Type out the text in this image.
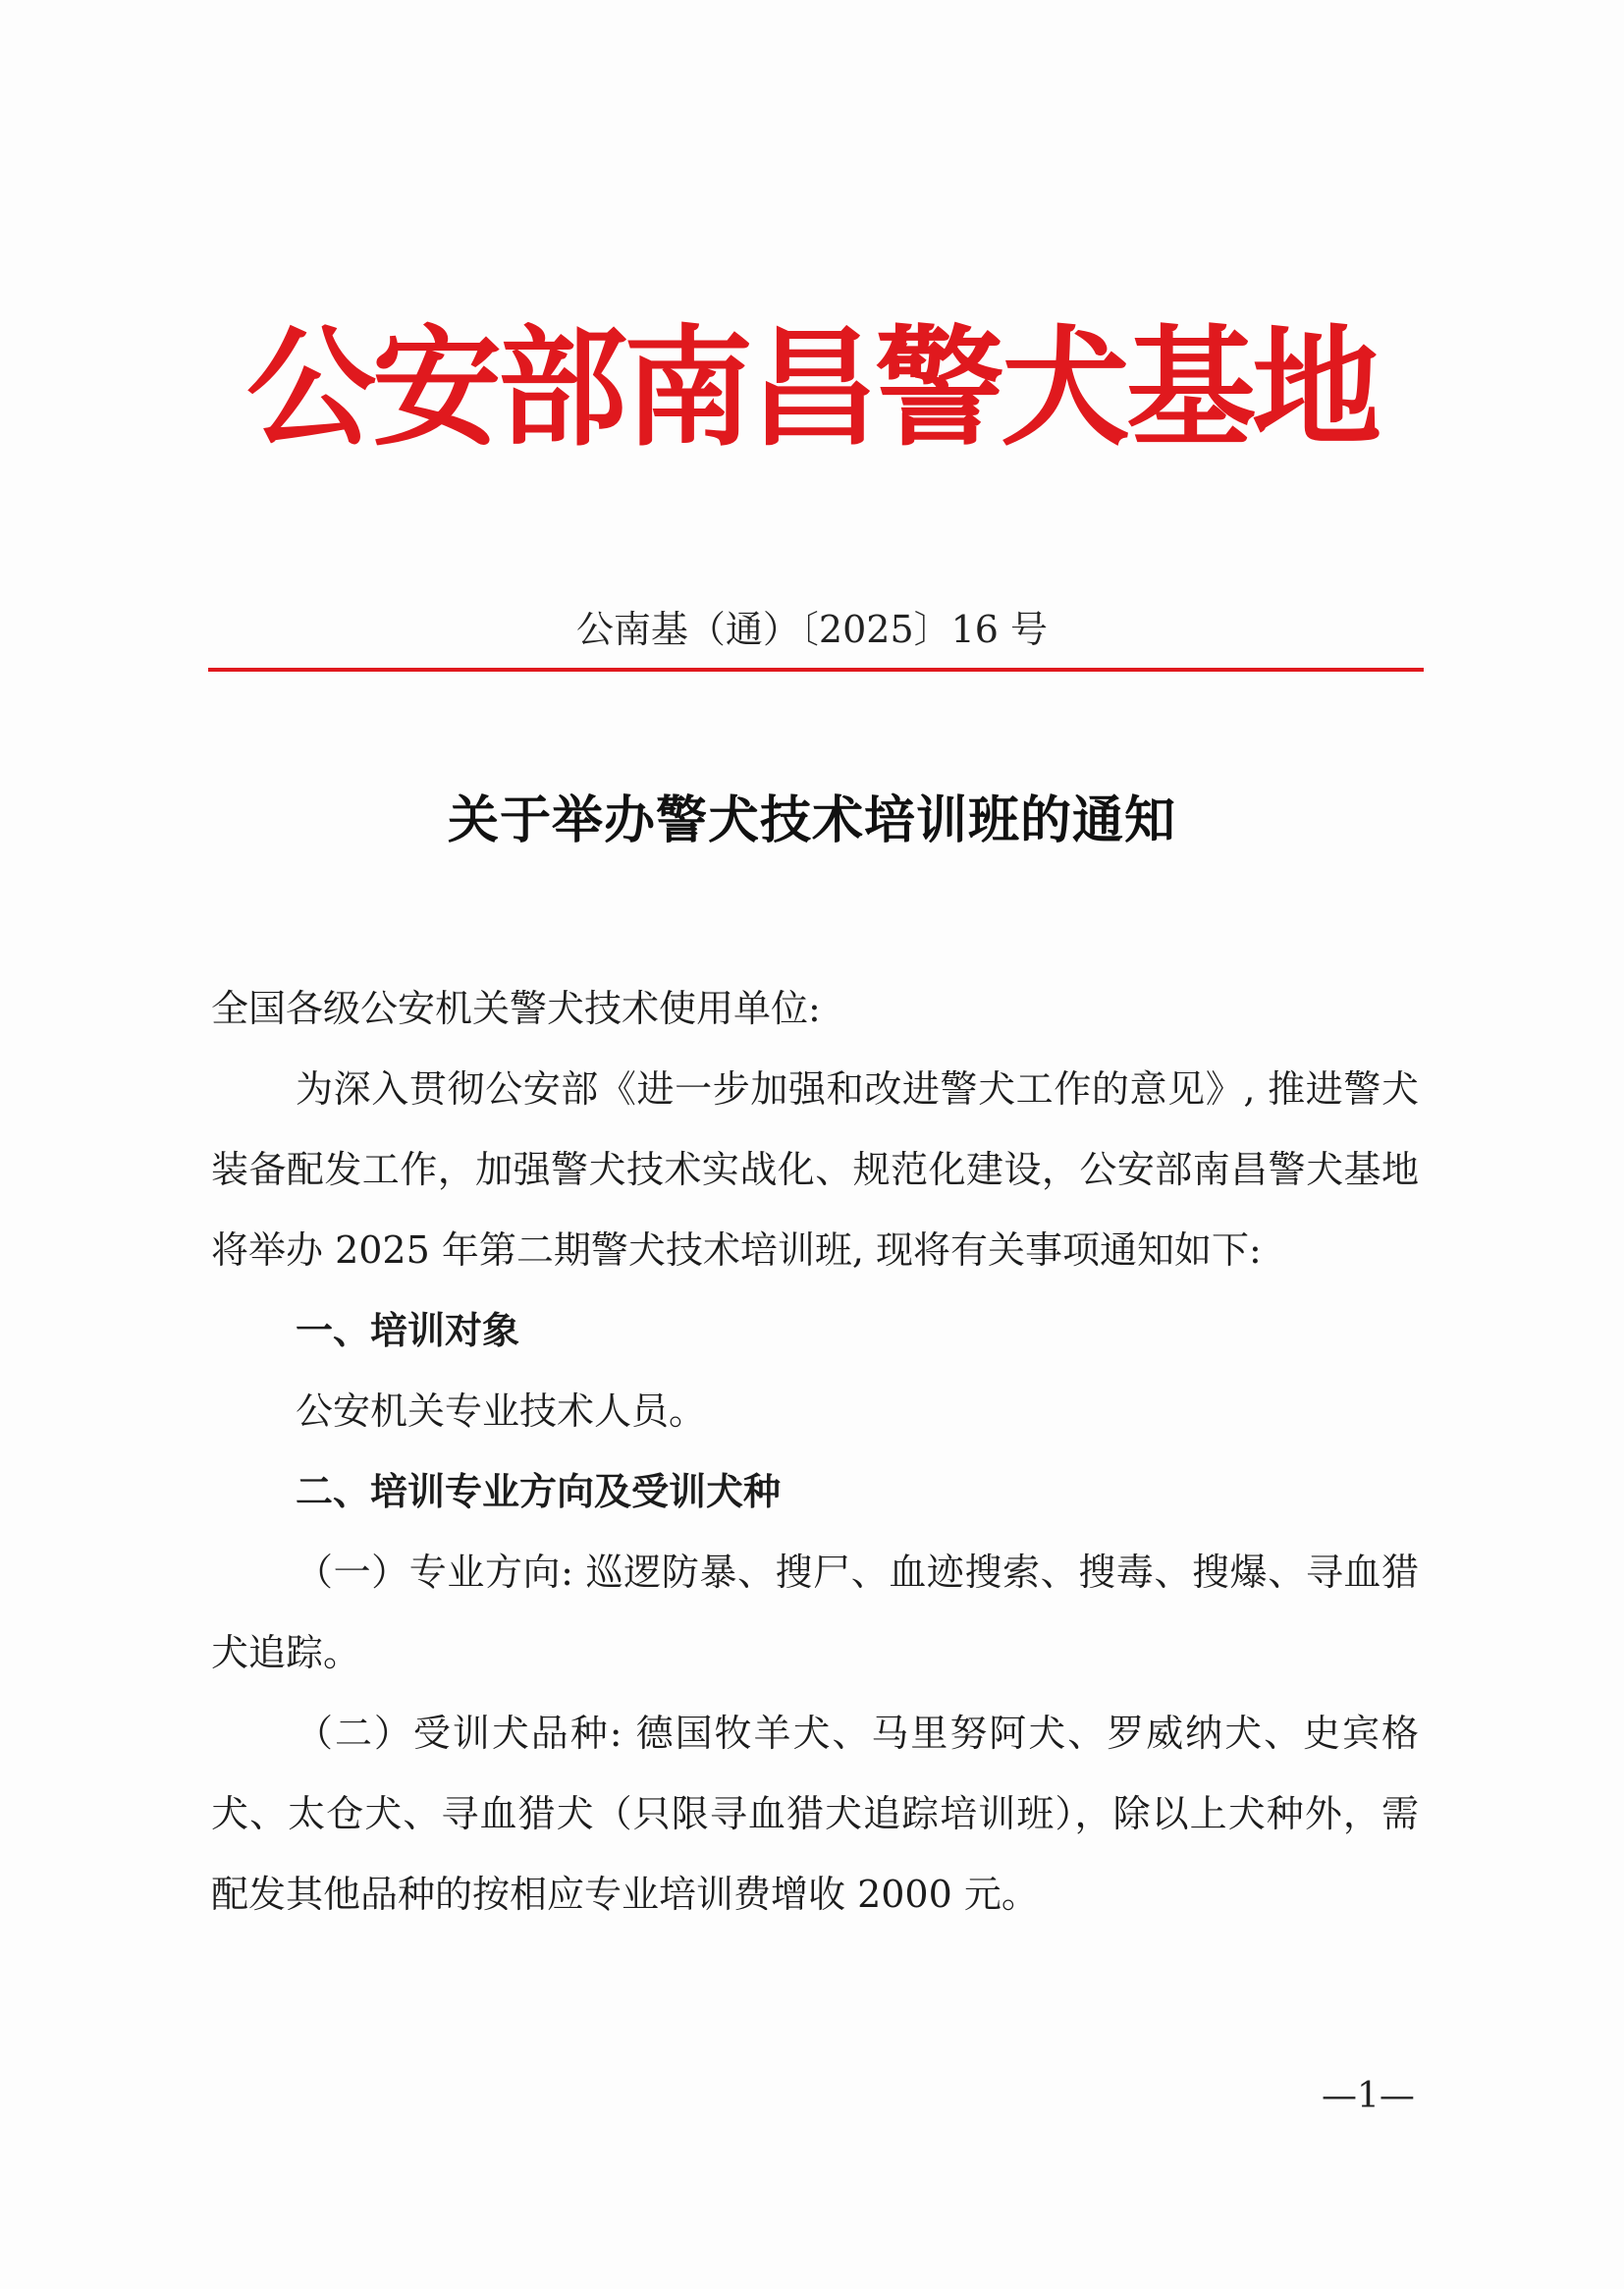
公安部南昌警犬基地
公南基（通）〔2025〕16 号
关于举办警犬技术培训班的通知

全国各级公安机关警犬技术使用单位:

为深入贯彻公安部《进一步加强和改进警犬工作的意见》, 推进警犬装备配发工作，加强警犬技术实战化、规范化建设，公安部南昌警犬基地将举办 2025 年第二期警犬技术培训班, 现将有关事项通知如下:

一、培训对象

公安机关专业技术人员。

二、培训专业方向及受训犬种

（一）专业方向: 巡逻防暴、搜尸、血迹搜索、搜毒、搜爆、寻血猎犬追踪。

（二）受训犬品种: 德国牧羊犬、马里努阿犬、罗威纳犬、史宾格犬、太仓犬、寻血猎犬（只限寻血猎犬追踪培训班），除以上犬种外，需配发其他品种的按相应专业培训费增收 2000 元。

—1—
